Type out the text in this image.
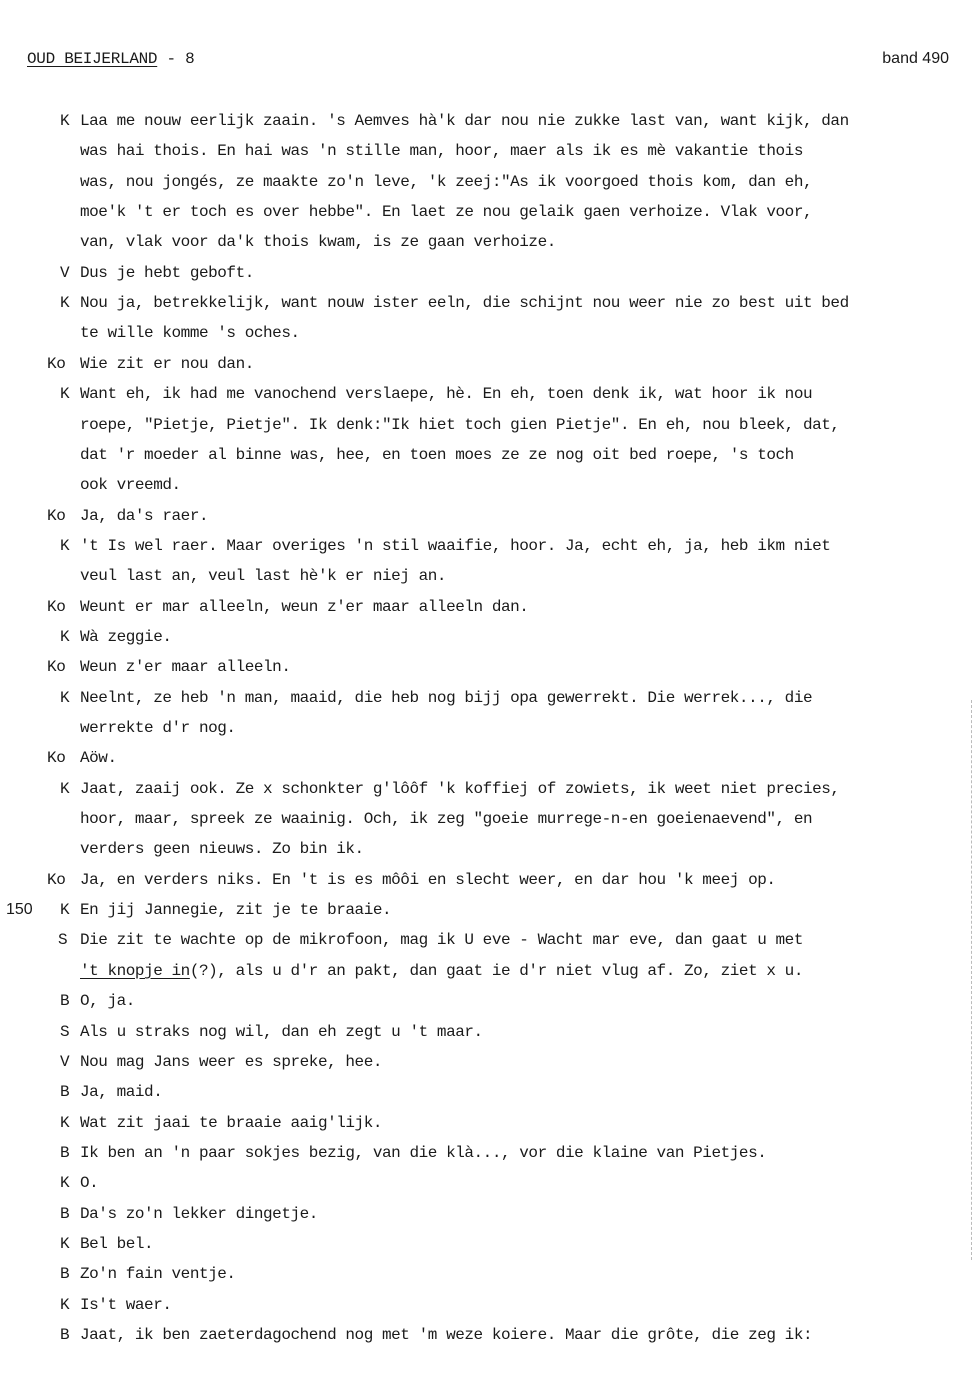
OUD BEIJERLAND - 8	band 490
K Laa me nouw eerlijk zaain. 's Aemves hà'k dar nou nie zukke last van, want kijk, dan
was hai thois. En hai was 'n stille man, hoor, maer als ik es mè vakantie thois
was, nou jongés, ze maakte zo'n leve, 'k zeej:"As ik voorgoed thois kom, dan eh,
moe'k 't er toch es over hebbe". En laet ze nou gelaik gaen verhoize. Vlak voor,
van, vlak voor da'k thois kwam, is ze gaan verhoize.
V Dus je hebt geboft.
K Nou ja, betrekkelijk, want nouw ister eeln, die schijnt nou weer nie zo best uit bed
te wille komme 's oches.
Ko Wie zit er nou dan.
K Want eh, ik had me vanochend verslaepe, hè. En eh, toen denk ik, wat hoor ik nou
roepe, "Pietje, Pietje". Ik denk:"Ik hiet toch gien Pietje". En eh, nou bleek, dat,
dat 'r moeder al binne was, hee, en toen moes ze ze nog oit bed roepe, 's toch
ook vreemd.
Ko Ja, da's raer.
K 't Is wel raer. Maar overiges 'n stil waaifie, hoor. Ja, echt eh, ja, heb ikm niet
veul last an, veul last hè'k er niej an.
Ko Weunt er mar alleeln, weun z'er maar alleeln dan.
K Wà zeggie.
Ko Weun z'er maar alleeln.
K Neelnt, ze heb 'n man, maaid, die heb nog bijj opa gewerrekt. Die werrek..., die
werrekte d'r nog.
Ko Aöw.
K Jaat, zaaij ook. Ze x schonkter g'lôôf 'k koffiej of zowiets, ik weet niet precies,
hoor, maar, spreek ze waainig. Och, ik zeg "goeie murrege-n-en goeienaevend", en
verders geen nieuws. Zo bin ik.
Ko Ja, en verders niks. En 't is es môôi en slecht weer, en dar hou 'k meej op.
K
150	En jij Jannegie, zit je te braaie.
S Die zit te wachte op de mikrofoon, mag ik U eve - Wacht mar eve, dan gaat u met
't knopje in(?), als u d'r an pakt, dan gaat ie d'r niet vlug af. Zo, ziet x u.
B O, ja.
S Als u straks nog wil, dan eh zegt u 't maar.
V Nou mag Jans weer es spreke, hee.
B Ja, maid.
K Wat zit jaai te braaie aaig'lijk.
B Ik ben an 'n paar sokjes bezig, van die klà..., vor die klaine van Pietjes.
K O.
B Da's zo'n lekker dingetje.
K Bel bel.
B Zo'n fain ventje.
K Is't waer.
B Jaat, ik ben zaeterdagochend nog met 'm weze koiere. Maar die grôte, die zeg ik:
